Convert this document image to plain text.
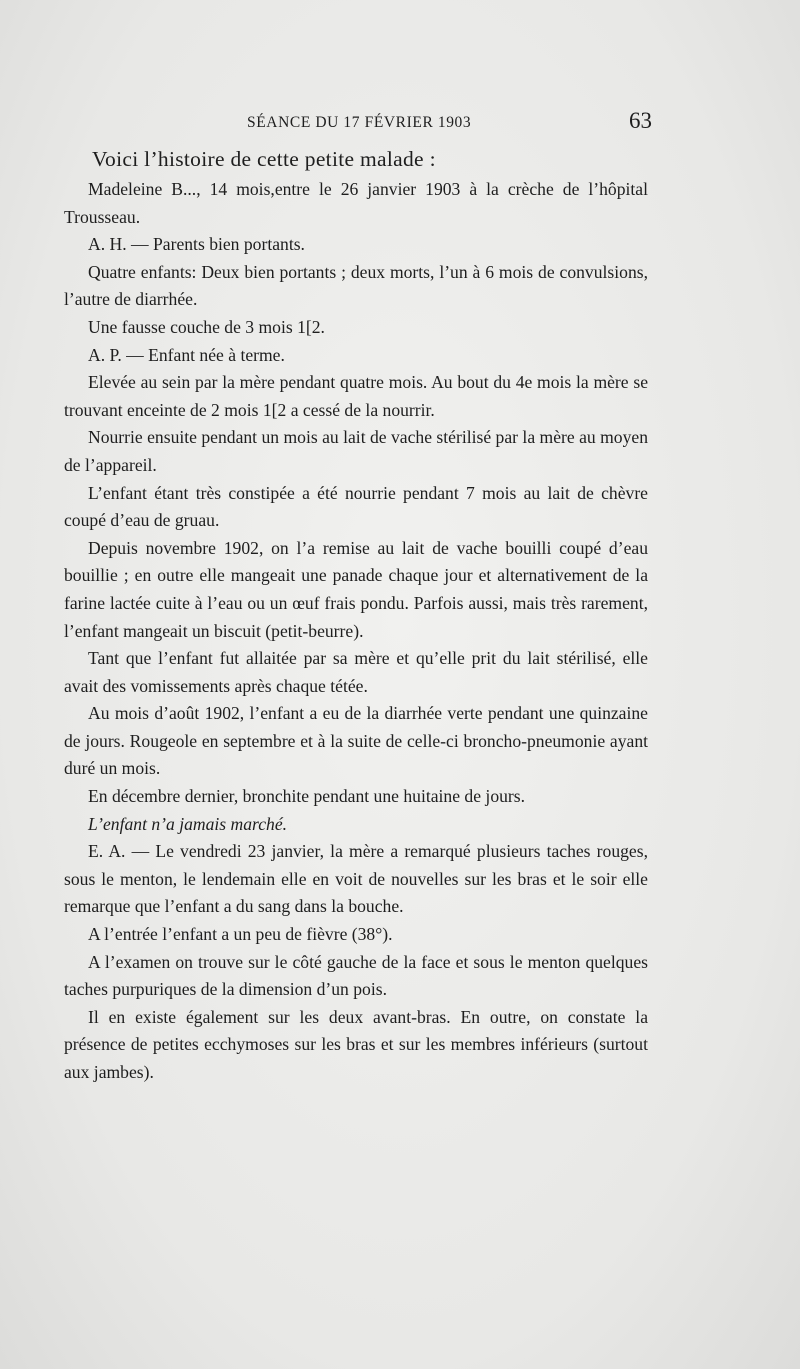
SÉANCE DU 17 FÉVRIER 1903	63
Voici l’histoire de cette petite malade :

Madeleine B..., 14 mois,entre le 26 janvier 1903 à la crèche de l’hôpital Trousseau.

A. H. — Parents bien portants.

Quatre enfants: Deux bien portants ; deux morts, l’un à 6 mois de convulsions, l’autre de diarrhée.

Une fausse couche de 3 mois 1[2.

A. P. — Enfant née à terme.

Elevée au sein par la mère pendant quatre mois. Au bout du 4e mois la mère se trouvant enceinte de 2 mois 1[2 a cessé de la nourrir.

Nourrie ensuite pendant un mois au lait de vache stérilisé par la mère au moyen de l’appareil.

L’enfant étant très constipée a été nourrie pendant 7 mois au lait de chèvre coupé d’eau de gruau.

Depuis novembre 1902, on l’a remise au lait de vache bouilli coupé d’eau bouillie ; en outre elle mangeait une panade chaque jour et alternativement de la farine lactée cuite à l’eau ou un œuf frais pondu. Parfois aussi, mais très rarement, l’enfant mangeait un biscuit (petit-beurre).

Tant que l’enfant fut allaitée par sa mère et qu’elle prit du lait stérilisé, elle avait des vomissements après chaque tétée.

Au mois d’août 1902, l’enfant a eu de la diarrhée verte pendant une quinzaine de jours. Rougeole en septembre et à la suite de celle-ci broncho-pneumonie ayant duré un mois.

En décembre dernier, bronchite pendant une huitaine de jours.

L’enfant n’a jamais marché.

E. A. — Le vendredi 23 janvier, la mère a remarqué plusieurs taches rouges, sous le menton, le lendemain elle en voit de nouvelles sur les bras et le soir elle remarque que l’enfant a du sang dans la bouche.

A l’entrée l’enfant a un peu de fièvre (38°).

A l’examen on trouve sur le côté gauche de la face et sous le menton quelques taches purpuriques de la dimension d’un pois.

Il en existe également sur les deux avant-bras. En outre, on constate la présence de petites ecchymoses sur les bras et sur les membres inférieurs (surtout aux jambes).
